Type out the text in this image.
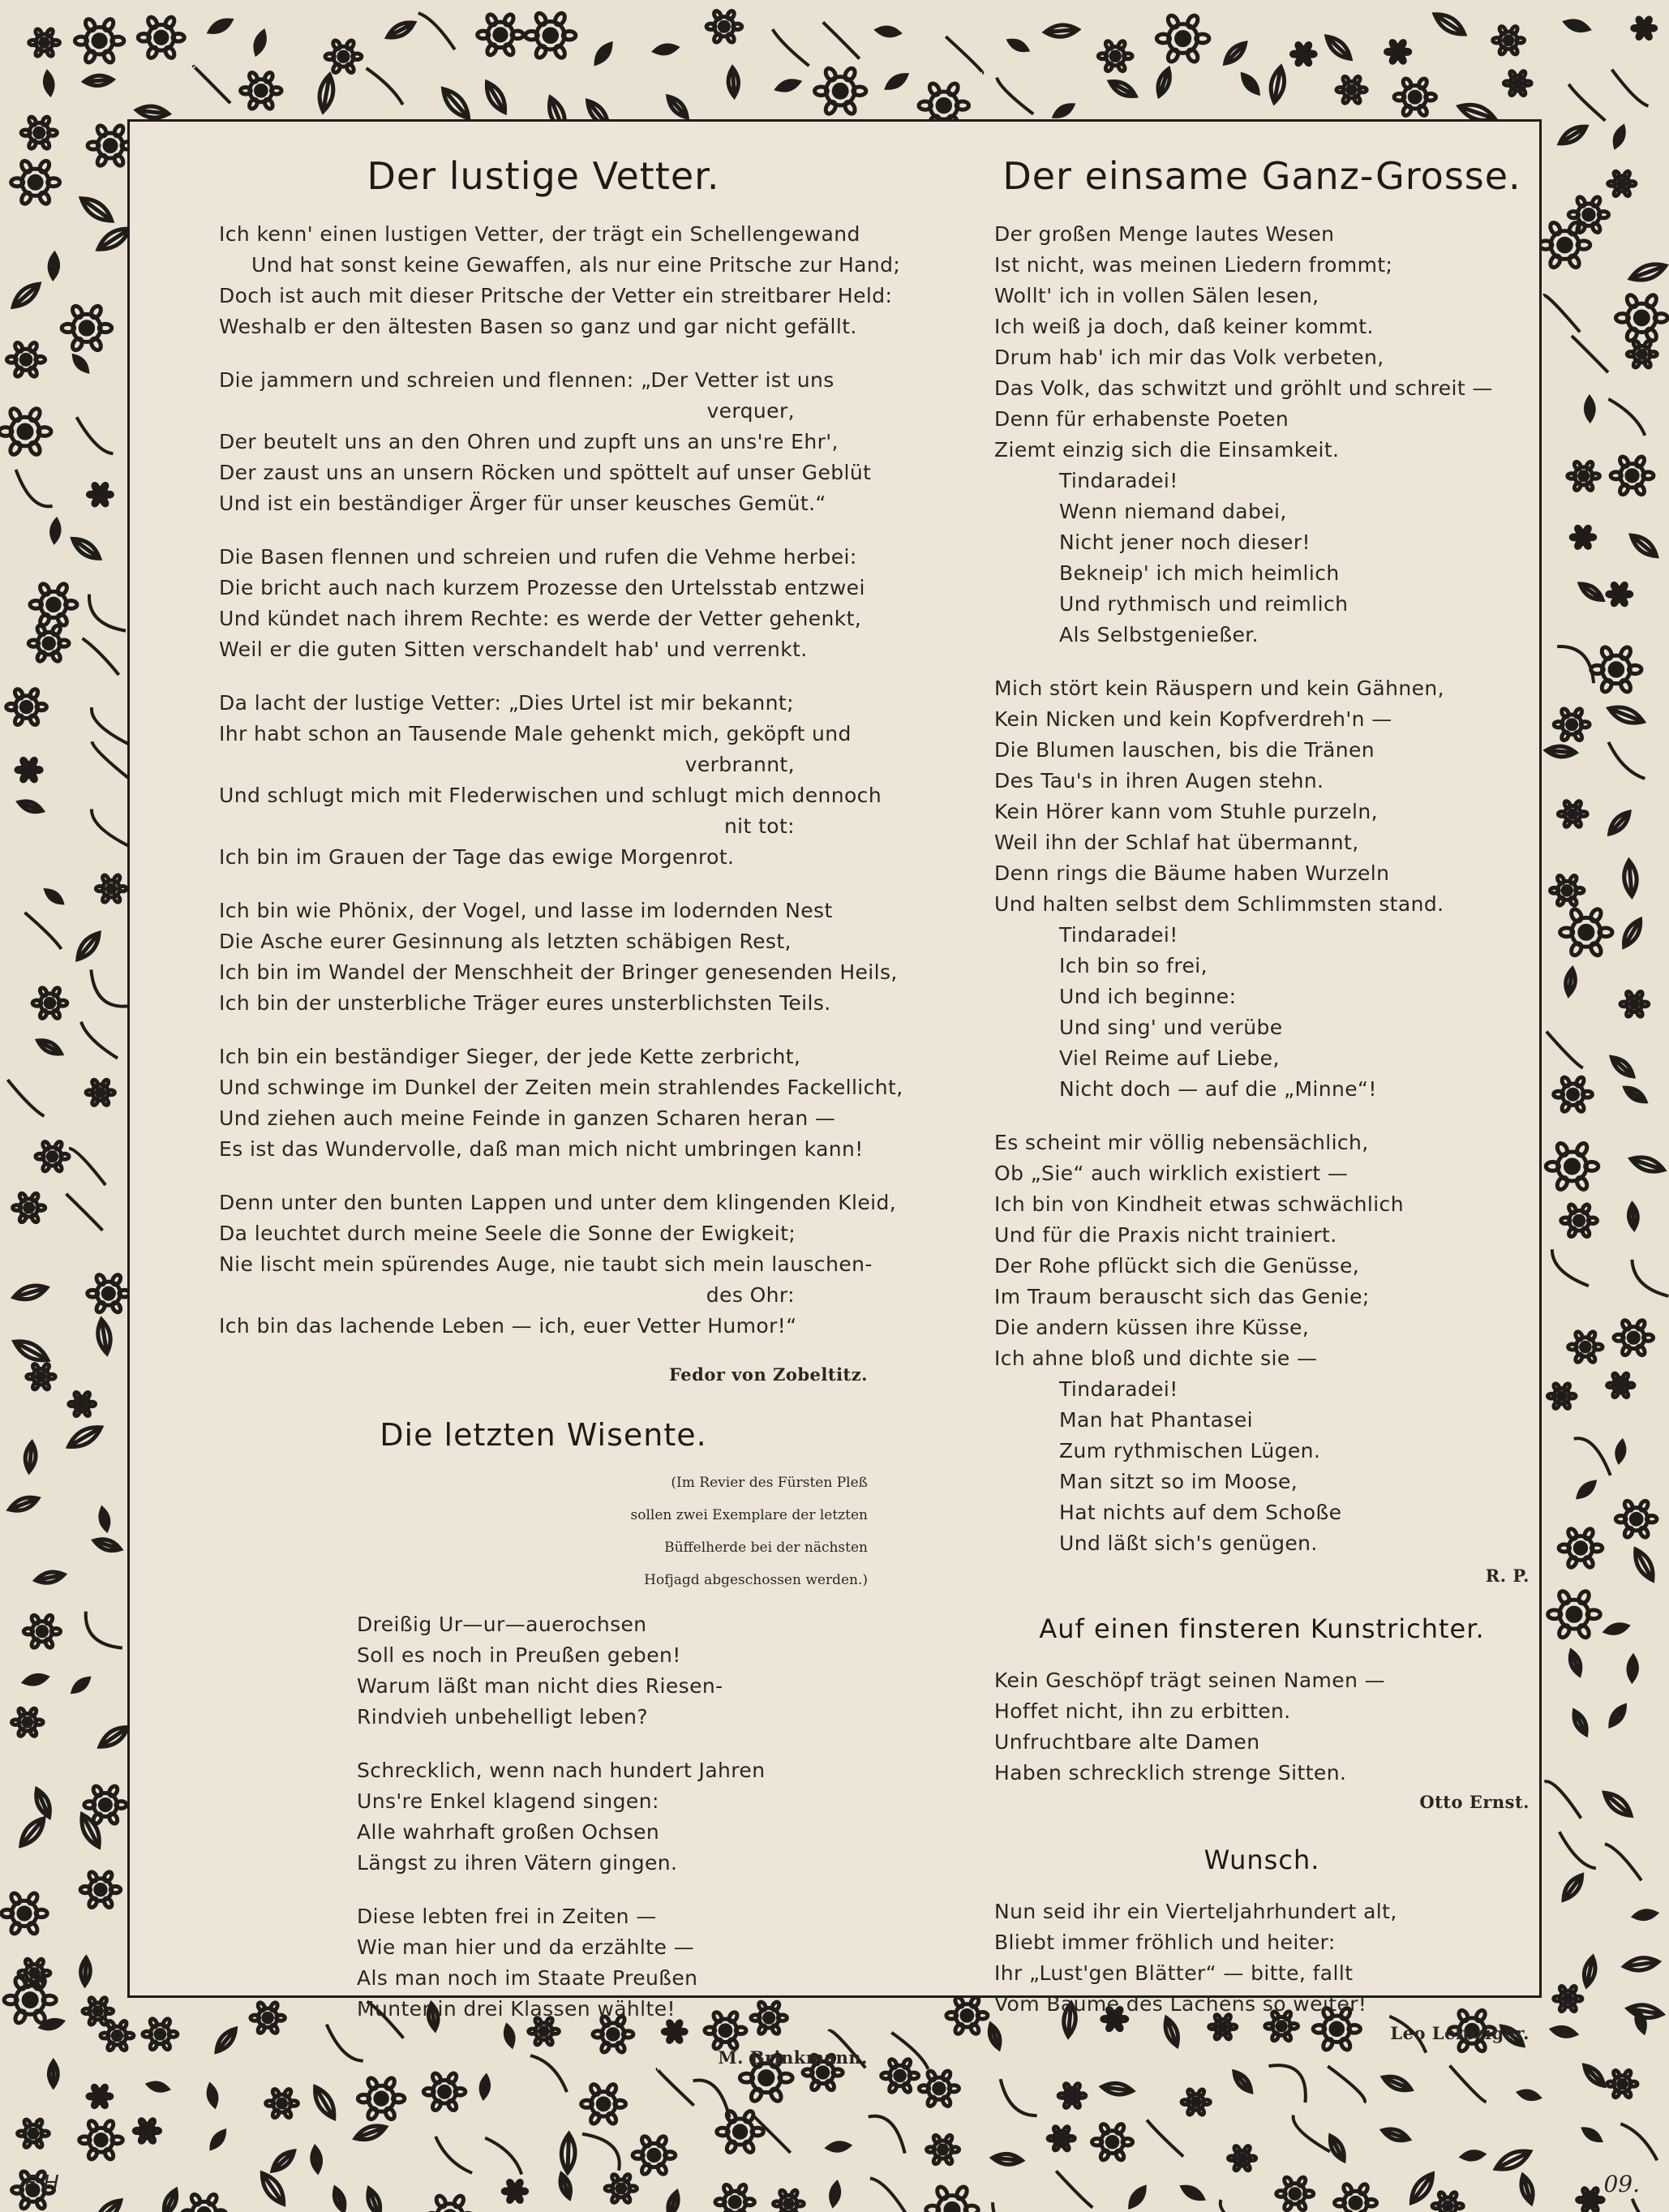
Der lustige Vetter.

Ich kenn' einen lustigen Vetter, der trägt ein Schellengewand

Und hat sonst keine Gewaffen, als nur eine Pritsche zur Hand;

Doch ist auch mit dieser Pritsche der Vetter ein streitbarer Held:

Weshalb er den ältesten Basen so ganz und gar nicht gefällt.

Die jammern und schreien und flennen: „Der Vetter ist uns

verquer,

Der beutelt uns an den Ohren und zupft uns an uns're Ehr',

Der zaust uns an unsern Röcken und spöttelt auf unser Geblüt

Und ist ein beständiger Ärger für unser keusches Gemüt.“

Die Basen flennen und schreien und rufen die Vehme herbei:

Die bricht auch nach kurzem Prozesse den Urtelsstab entzwei

Und kündet nach ihrem Rechte: es werde der Vetter gehenkt,

Weil er die guten Sitten verschandelt hab' und verrenkt.

Da lacht der lustige Vetter: „Dies Urtel ist mir bekannt;

Ihr habt schon an Tausende Male gehenkt mich, geköpft und

verbrannt,

Und schlugt mich mit Flederwischen und schlugt mich dennoch

nit tot:

Ich bin im Grauen der Tage das ewige Morgenrot.

Ich bin wie Phönix, der Vogel, und lasse im lodernden Nest

Die Asche eurer Gesinnung als letzten schäbigen Rest,

Ich bin im Wandel der Menschheit der Bringer genesenden Heils,

Ich bin der unsterbliche Träger eures unsterblichsten Teils.

Ich bin ein beständiger Sieger, der jede Kette zerbricht,

Und schwinge im Dunkel der Zeiten mein strahlendes Fackellicht,

Und ziehen auch meine Feinde in ganzen Scharen heran —

Es ist das Wundervolle, daß man mich nicht umbringen kann!

Denn unter den bunten Lappen und unter dem klingenden Kleid,

Da leuchtet durch meine Seele die Sonne der Ewigkeit;

Nie lischt mein spürendes Auge, nie taubt sich mein lauschen-

des Ohr:

Ich bin das lachende Leben — ich, euer Vetter Humor!“

Fedor von Zobeltitz.

Die letzten Wisente.

(Im Revier des Fürsten Pleß

sollen zwei Exemplare der letzten

Büffelherde bei der nächsten

Hofjagd abgeschossen werden.)

Dreißig Ur—ur—auerochsen

Soll es noch in Preußen geben!

Warum läßt man nicht dies Riesen-

Rindvieh unbehelligt leben?

Schrecklich, wenn nach hundert Jahren

Uns're Enkel klagend singen:

Alle wahrhaft großen Ochsen

Längst zu ihren Vätern gingen.

Diese lebten frei in Zeiten —

Wie man hier und da erzählte —

Als man noch im Staate Preußen

Munter in drei Klassen wählte!

M. Brinkmann.

Der einsame Ganz-Grosse.

Der großen Menge lautes Wesen

Ist nicht, was meinen Liedern frommt;

Wollt' ich in vollen Sälen lesen,

Ich weiß ja doch, daß keiner kommt.

Drum hab' ich mir das Volk verbeten,

Das Volk, das schwitzt und gröhlt und schreit —

Denn für erhabenste Poeten

Ziemt einzig sich die Einsamkeit.

Tindaradei!

Wenn niemand dabei,

Nicht jener noch dieser!

Bekneip' ich mich heimlich

Und rythmisch und reimlich

Als Selbstgenießer.

Mich stört kein Räuspern und kein Gähnen,

Kein Nicken und kein Kopfverdreh'n —

Die Blumen lauschen, bis die Tränen

Des Tau's in ihren Augen stehn.

Kein Hörer kann vom Stuhle purzeln,

Weil ihn der Schlaf hat übermannt,

Denn rings die Bäume haben Wurzeln

Und halten selbst dem Schlimmsten stand.

Tindaradei!

Ich bin so frei,

Und ich beginne:

Und sing' und verübe

Viel Reime auf Liebe,

Nicht doch — auf die „Minne“!

Es scheint mir völlig nebensächlich,

Ob „Sie“ auch wirklich existiert —

Ich bin von Kindheit etwas schwächlich

Und für die Praxis nicht trainiert.

Der Rohe pflückt sich die Genüsse,

Im Traum berauscht sich das Genie;

Die andern küssen ihre Küsse,

Ich ahne bloß und dichte sie —

Tindaradei!

Man hat Phantasei

Zum rythmischen Lügen.

Man sitzt so im Moose,

Hat nichts auf dem Schoße

Und läßt sich's genügen.

R. P.

Auf einen finsteren Kunstrichter.

Kein Geschöpf trägt seinen Namen —

Hoffet nicht, ihn zu erbitten.

Unfruchtbare alte Damen

Haben schrecklich strenge Sitten.

Otto Ernst.

Wunsch.

Nun seid ihr ein Vierteljahrhundert alt,

Bliebt immer fröhlich und heiter:

Ihr „Lust'gen Blätter“ — bitte, fallt

Vom Baume des Lachens so weiter!

Leo Leipziger.

F H	09.
